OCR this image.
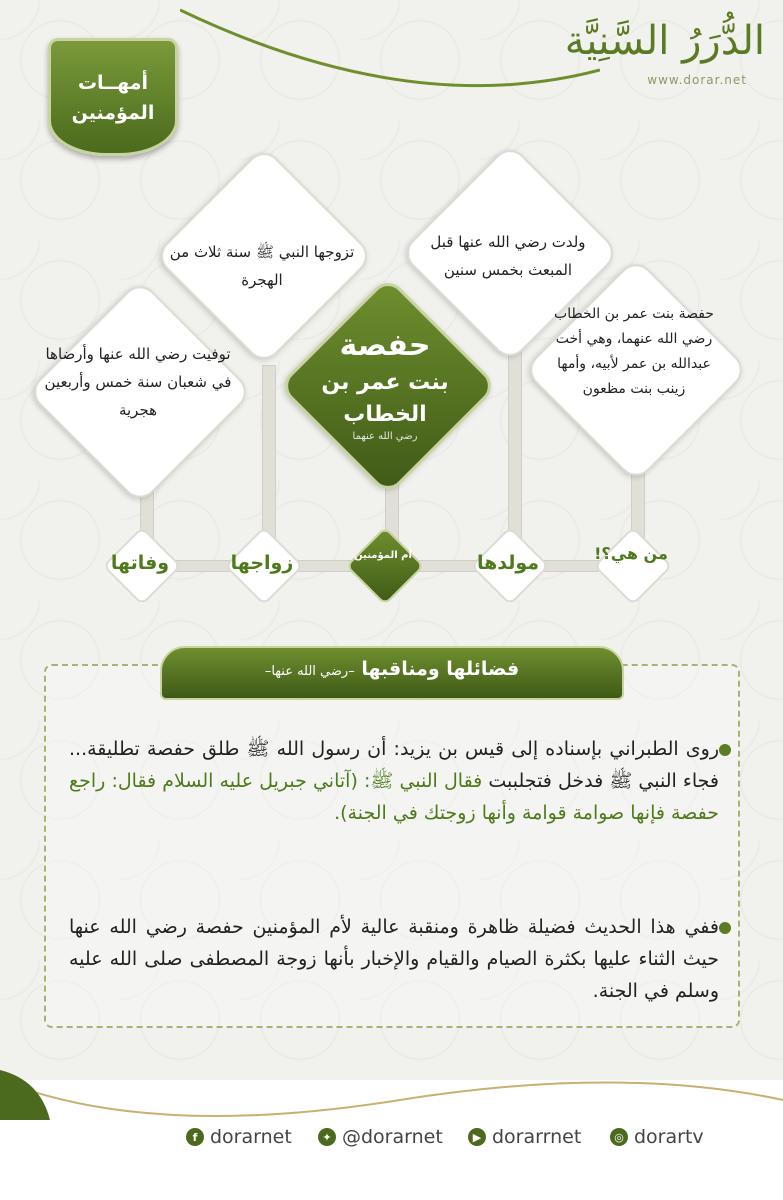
الدُّرَرُ السَّنِيَّة
www.dorar.net
أمهــات
المؤمنين
ولدت رضي الله عنها قبل المبعث بخمس سنين
تزوجها النبي ﷺ سنة ثلاث من الهجرة
حفصة بنت عمر بن الخطاب رضي الله عنهما، وهي أخت عبدالله بن عمر لأبيه، وأمها زينب بنت مظعون
توفيت رضي الله عنها وأرضاها في شعبان سنة خمس وأربعين هجرية
حفصة
بنت عمر بن
الخطاب
رضي الله عنهما
من هي؟!
مولدها
أم المؤمنين
زواجها
وفاتها
فضائلها ومناقبها –رضي الله عنها–
روى الطبراني بإسناده إلى قيس بن يزيد: أن رسول الله ﷺ طلق حفصة تطليقة... فجاء النبي ﷺ فدخل فتجلببت فقال النبي ﷺ: (آتاني جبريل عليه السلام فقال: راجع حفصة فإنها صوامة قوامة وأنها زوجتك في الجنة).
ففي هذا الحديث فضيلة ظاهرة ومنقبة عالية لأم المؤمنين حفصة رضي الله عنها حيث الثناء عليها بكثرة الصيام والقيام والإخبار بأنها زوجة المصطفى صلى الله عليه وسلم في الجنة.
◎ dorartv
▶ dorarrnet
✦ @dorarnet
f dorarnet
